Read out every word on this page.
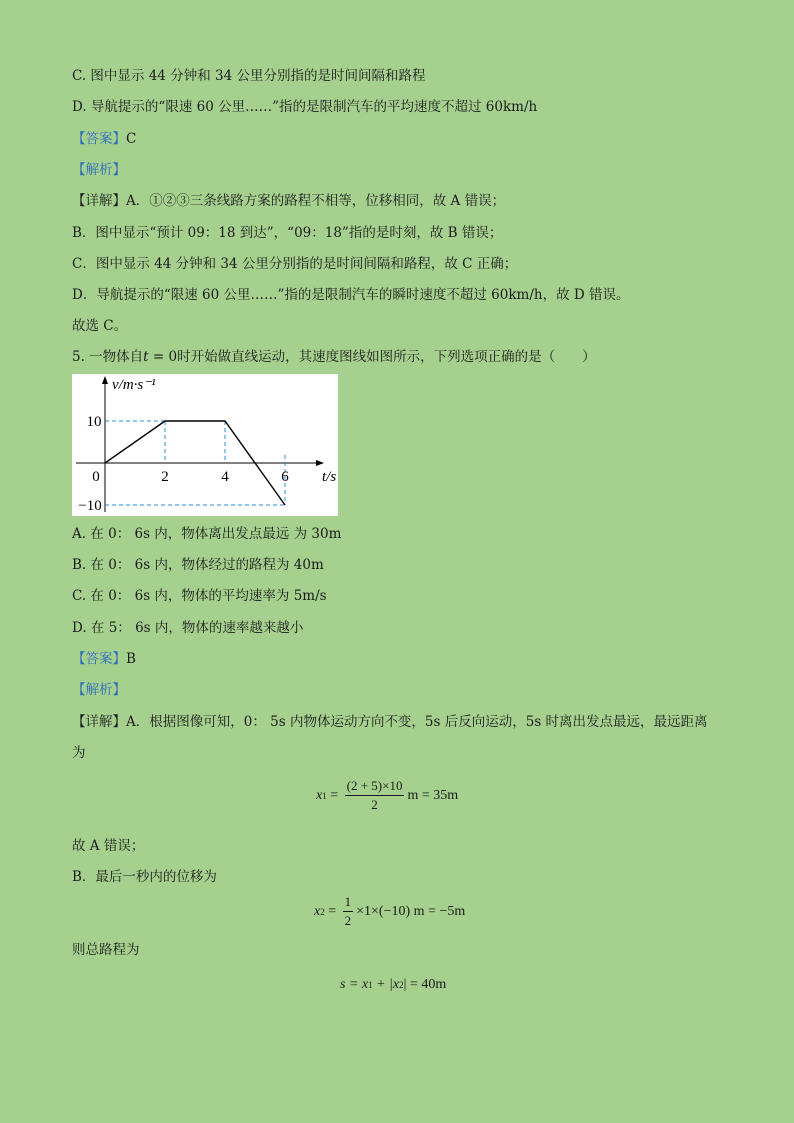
C. 图中显示 44 分钟和 34 公里分别指的是时间间隔和路程
D. 导航提示的“限速 60 公里……”指的是限制汽车的平均速度不超过 60km/h
【答案】C
【解析】
【详解】A．①②③三条线路方案的路程不相等，位移相同，故 A 错误；
B．图中显示“预计 09：18 到达”，“09：18”指的是时刻，故 B 错误；
C．图中显示 44 分钟和 34 公里分别指的是时间间隔和路程，故 C 正确；
D．导航提示的“限速 60 公里……”指的是限制汽车的瞬时速度不超过 60km/h，故 D 错误。
故选 C。
5. 一物体自t = 0时开始做直线运动，其速度图线如图所示，下列选项正确的是（　　）
v/m·s⁻¹
t/s
0	2	4	6
10
−10
A. 在 0： 6s 内，物体离出发点最远 为 30m
B. 在 0： 6s 内，物体经过的路程为 40m
C. 在 0： 6s 内，物体的平均速率为 5m/s
D. 在 5： 6s 内，物体的速率越来越小
【答案】B
【解析】
【详解】A．根据图像可知，0： 5s 内物体运动方向不变，5s 后反向运动，5s 时离出发点最远，最远距离
为
x $1 = \frac{(2 + 5)\times 10}{2}$ m = 35m
故 A 错误；
B．最后一秒内的位移为
x $2 = \frac{1}{2} \times 1\times(-10) m = -5m$
则总路程为
s = x 1 + |x 2 | = 40m
